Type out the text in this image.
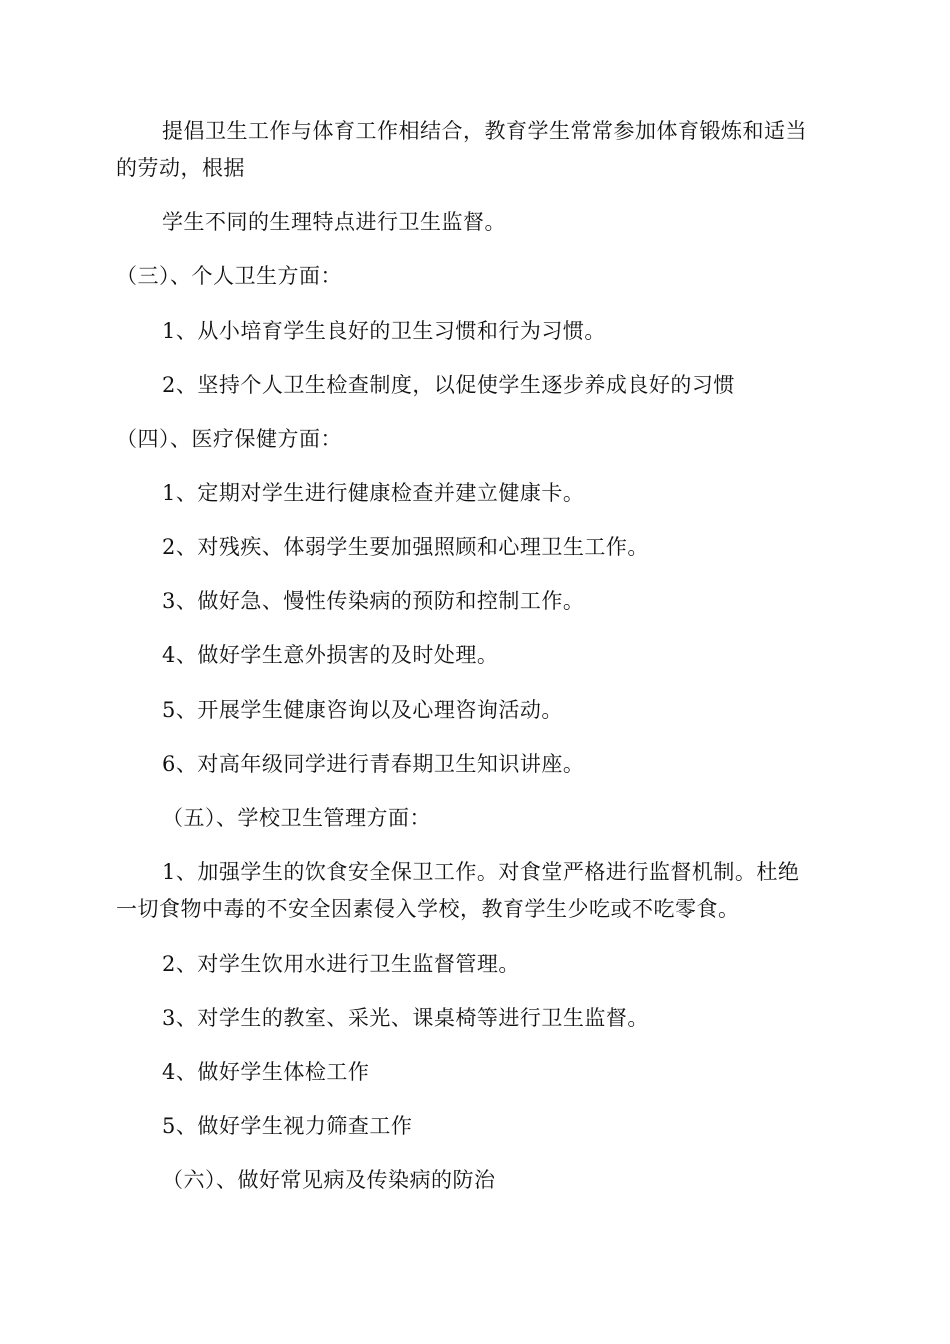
提倡卫生工作与体育工作相结合，教育学生常常参加体育锻炼和适当
的劳动，根据
学生不同的生理特点进行卫生监督。
（三）、个人卫生方面：
1、从小培育学生良好的卫生习惯和行为习惯。
2、坚持个人卫生检查制度，以促使学生逐步养成良好的习惯
（四）、医疗保健方面：
1、定期对学生进行健康检查并建立健康卡。
2、对残疾、体弱学生要加强照顾和心理卫生工作。
3、做好急、慢性传染病的预防和控制工作。
4、做好学生意外损害的及时处理。
5、开展学生健康咨询以及心理咨询活动。
6、对高年级同学进行青春期卫生知识讲座。
（五）、学校卫生管理方面：
1、加强学生的饮食安全保卫工作。对食堂严格进行监督机制。杜绝
一切食物中毒的不安全因素侵入学校，教育学生少吃或不吃零食。
2、对学生饮用水进行卫生监督管理。
3、对学生的教室、采光、课桌椅等进行卫生监督。
4、做好学生体检工作
5、做好学生视力筛查工作
（六）、做好常见病及传染病的防治
